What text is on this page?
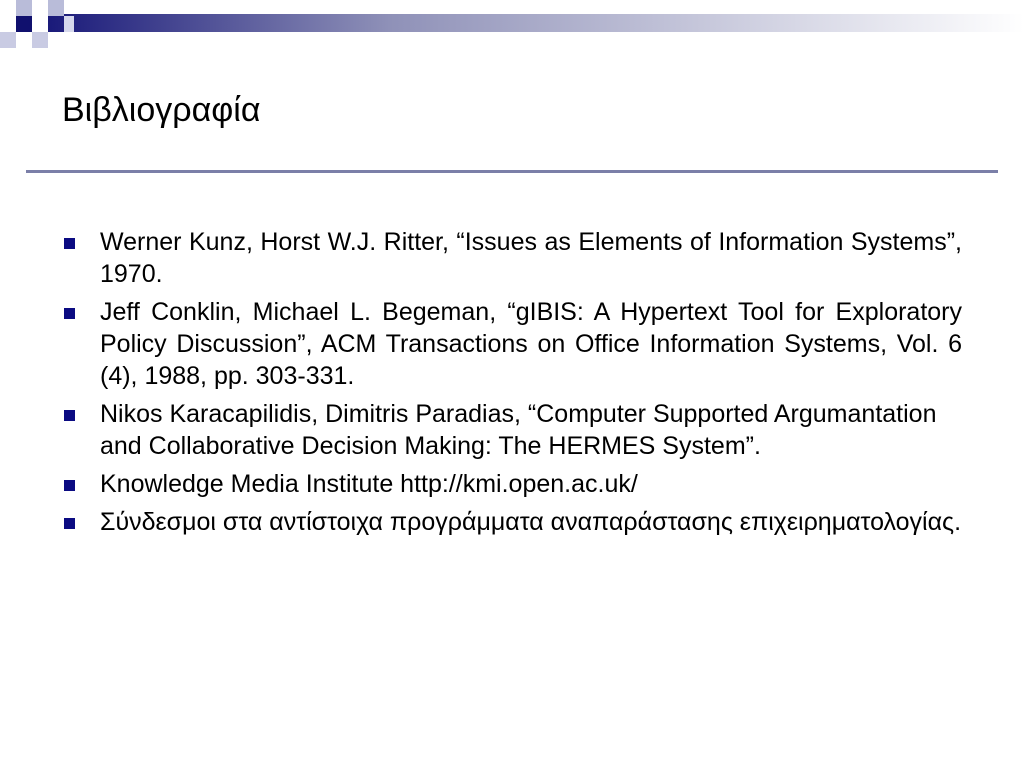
Βιβλιογραφία
Werner Kunz, Horst W.J. Ritter, “Issues as Elements of Information Systems”, 1970.
Jeff Conklin, Michael L. Begeman, “gIBIS: A Hypertext Tool for Exploratory Policy Discussion”, ACM Transactions on Office Information Systems, Vol. 6 (4), 1988, pp. 303-331.
Nikos Karacapilidis, Dimitris Paradias, “Computer Supported Argumantation and Collaborative Decision Making: The HERMES System”.
Knowledge Media Institute http://kmi.open.ac.uk/
Σύνδεσμοι στα αντίστοιχα προγράμματα αναπαράστασης επιχειρηματολογίας.
